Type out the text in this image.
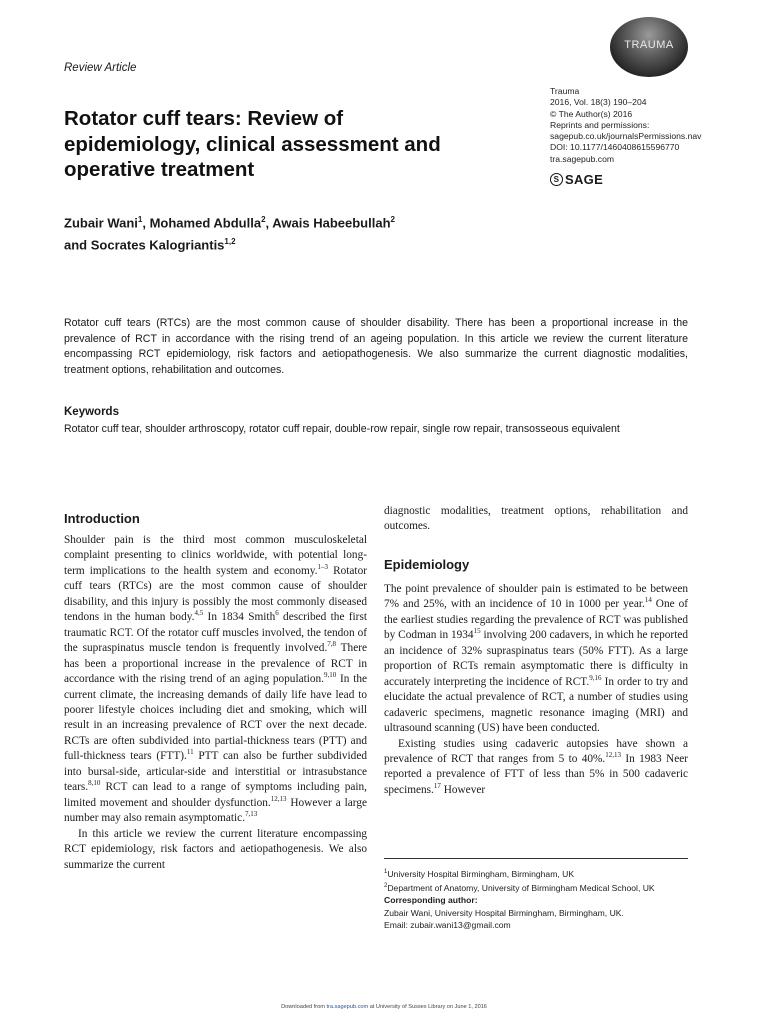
Review Article
TRAUMA
Trauma
2016, Vol. 18(3) 190–204
© The Author(s) 2016
Reprints and permissions:
sagepub.co.uk/journalsPermissions.nav
DOI: 10.1177/1460408615596770
tra.sagepub.com
S SAGE
Rotator cuff tears: Review of epidemiology, clinical assessment and operative treatment
Zubair Wani$^1$, Mohamed Abdulla$^2$, Awais Habeebullah$^2$
and Socrates Kalogriantis$^{1,2}$
Rotator cuff tears (RTCs) are the most common cause of shoulder disability. There has been a proportional increase in the prevalence of RCT in accordance with the rising trend of an ageing population. In this article we review the current literature encompassing RCT epidemiology, risk factors and aetiopathogenesis. We also summarize the current diagnostic modalities, treatment options, rehabilitation and outcomes.
Keywords
Rotator cuff tear, shoulder arthroscopy, rotator cuff repair, double-row repair, single row repair, transosseous equivalent
Introduction

Shoulder pain is the third most common musculoskeletal complaint presenting to clinics worldwide, with potential long-term implications to the health system and economy.$^{1-3}$ Rotator cuff tears (RTCs) are the most common cause of shoulder disability, and this injury is possibly the most commonly diseased tendons in the human body.$^{4,5}$ In 1834 Smith$^6$ described the first traumatic RCT. Of the rotator cuff muscles involved, the tendon of the supraspinatus muscle tendon is frequently involved.$^{7,8}$ There has been a proportional increase in the prevalence of RCT in accordance with the rising trend of an aging population.$^{9,10}$ In the current climate, the increasing demands of daily life have lead to poorer lifestyle choices including diet and smoking, which will result in an increasing prevalence of RCT over the next decade. RCTs are often subdivided into partial-thickness tears (PTT) and full-thickness tears (FTT).$^{11}$ PTT can also be further subdivided into bursal-side, articular-side and interstitial or intrasubstance tears.$^{8,10}$ RCT can lead to a range of symptoms including pain, limited movement and shoulder dysfunction.$^{12,13}$ However a large number may also remain asymptomatic.$^{7,13}$

In this article we review the current literature encompassing RCT epidemiology, risk factors and aetiopathogenesis. We also summarize the current

diagnostic modalities, treatment options, rehabilitation and outcomes.

Epidemiology

The point prevalence of shoulder pain is estimated to be between 7% and 25%, with an incidence of 10 in 1000 per year.$^{14}$ One of the earliest studies regarding the prevalence of RCT was published by Codman in 1934$^{15}$ involving 200 cadavers, in which he reported an incidence of 32% supraspinatus tears (50% FTT). As a large proportion of RCTs remain asymptomatic there is difficulty in accurately interpreting the incidence of RCT.$^{9,16}$ In order to try and elucidate the actual prevalence of RCT, a number of studies using cadaveric specimens, magnetic resonance imaging (MRI) and ultrasound scanning (US) have been conducted.

Existing studies using cadaveric autopsies have shown a prevalence of RCT that ranges from 5 to 40%.$^{12,13}$ In 1983 Neer reported a prevalence of FTT of less than 5% in 500 cadaveric specimens.$^{17}$ However

$^1$University Hospital Birmingham, Birmingham, UK
$^2$Department of Anatomy, University of Birmingham Medical School, UK
Corresponding author:
Zubair Wani, University Hospital Birmingham, Birmingham, UK.
Email: zubair.wani13@gmail.com
Downloaded from tra.sagepub.com at University of Sussex Library on June 1, 2016
